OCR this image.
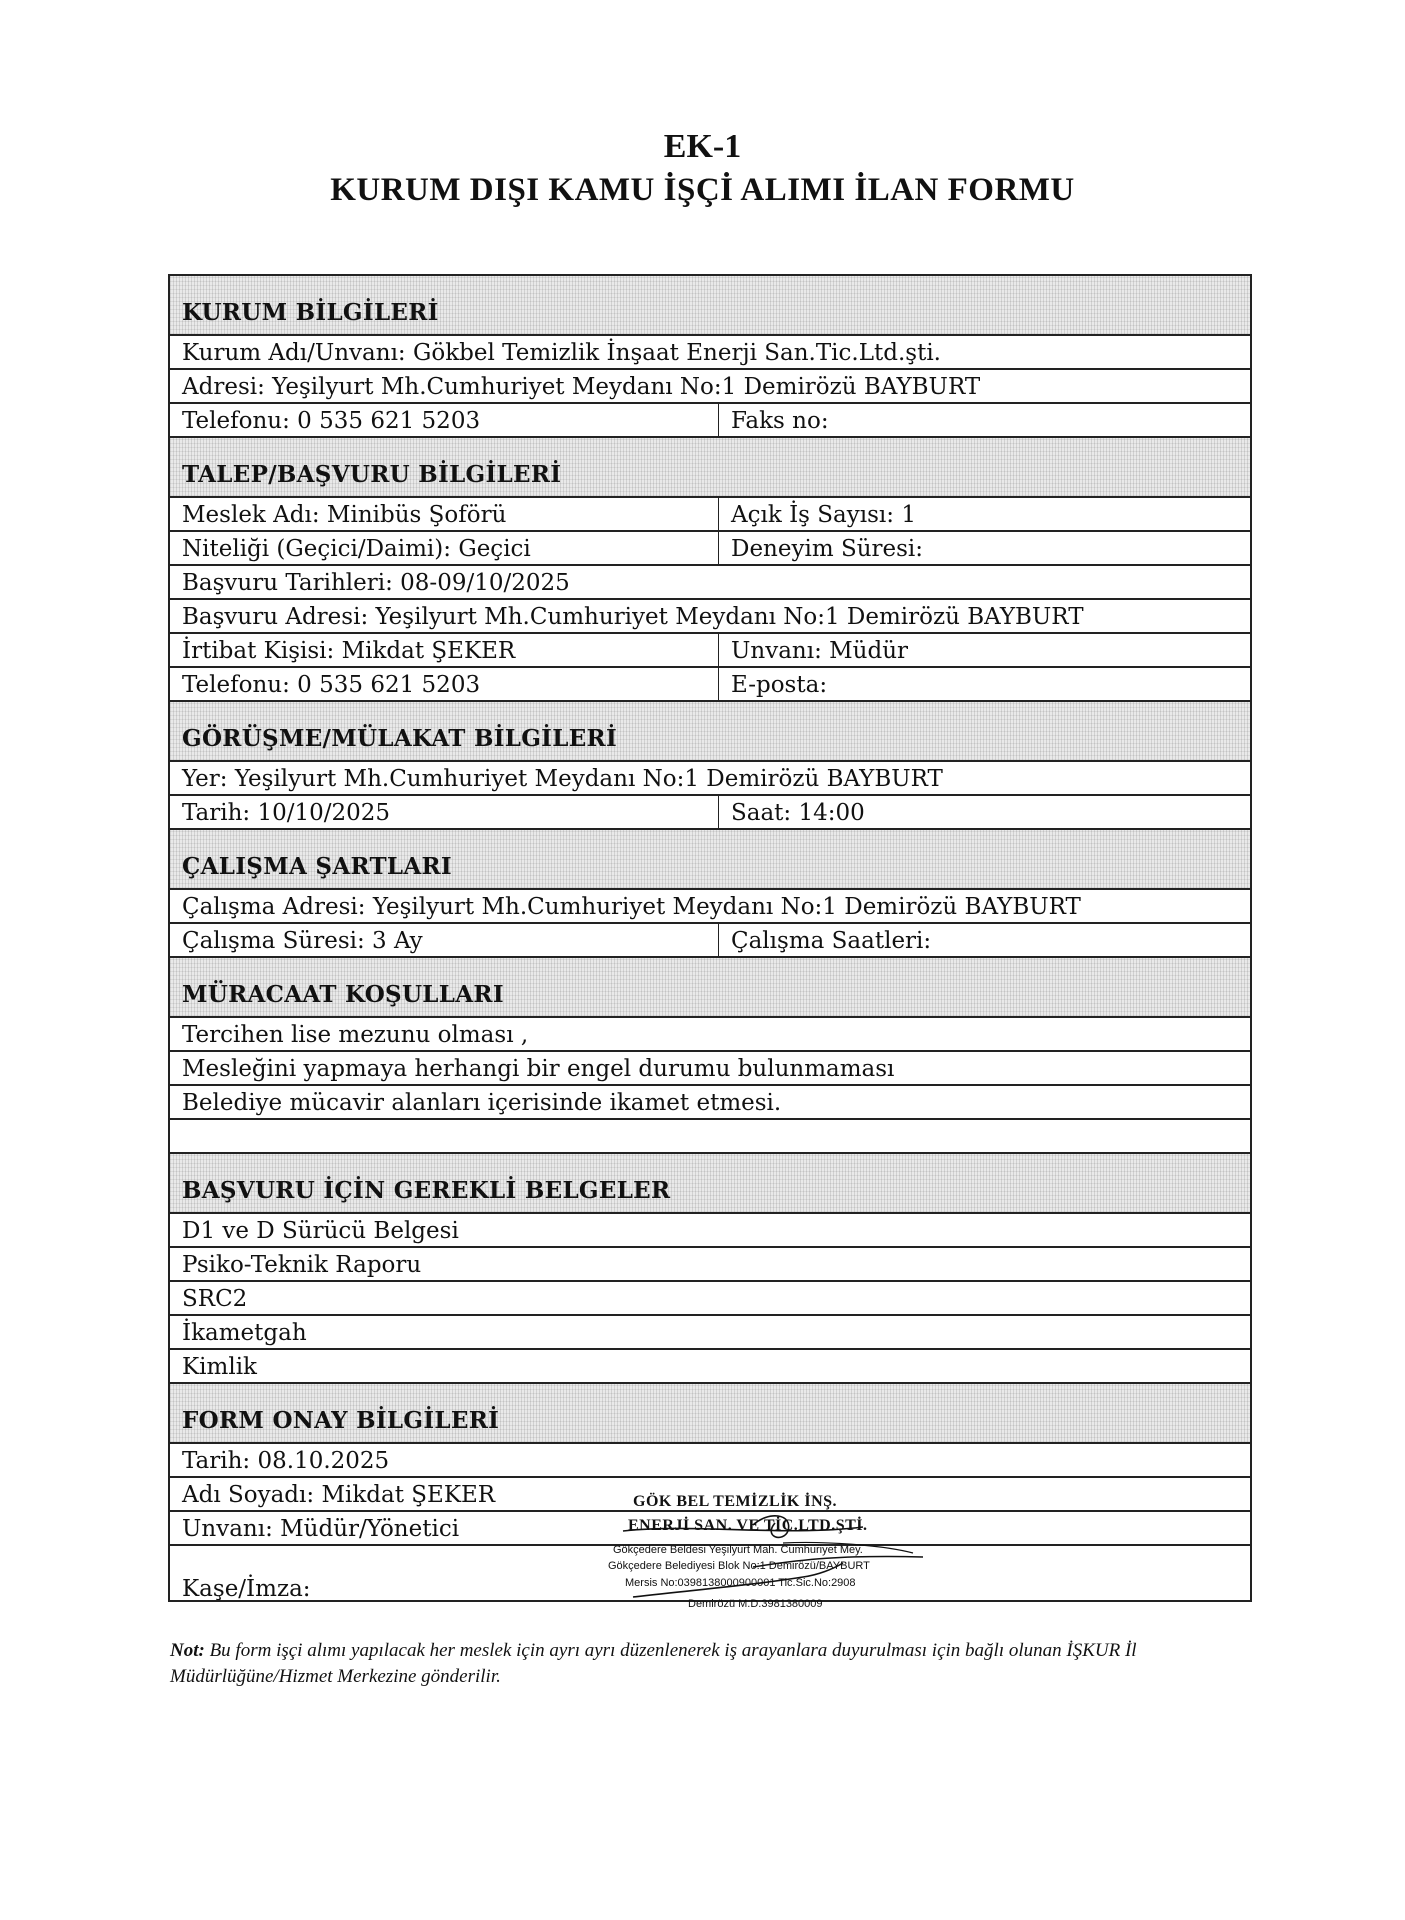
EK-1
KURUM DIŞI KAMU İŞÇİ ALIMI İLAN FORMU
KURUM BİLGİLERİ
Kurum Adı/Unvanı: Gökbel Temizlik İnşaat Enerji San.Tic.Ltd.şti.
Adresi: Yeşilyurt Mh.Cumhuriyet Meydanı No:1 Demirözü BAYBURT
Telefonu: 0 535 621 5203	Faks no:
TALEP/BAŞVURU BİLGİLERİ
Meslek Adı: Minibüs Şoförü	Açık İş Sayısı: 1
Niteliği (Geçici/Daimi): Geçici	Deneyim Süresi:
Başvuru Tarihleri: 08-09/10/2025
Başvuru Adresi: Yeşilyurt Mh.Cumhuriyet Meydanı No:1 Demirözü BAYBURT
İrtibat Kişisi: Mikdat ŞEKER	Unvanı: Müdür
Telefonu: 0 535 621 5203	E-posta:
GÖRÜŞME/MÜLAKAT BİLGİLERİ
Yer: Yeşilyurt Mh.Cumhuriyet Meydanı No:1 Demirözü BAYBURT
Tarih: 10/10/2025	Saat: 14:00
ÇALIŞMA ŞARTLARI
Çalışma Adresi: Yeşilyurt Mh.Cumhuriyet Meydanı No:1 Demirözü BAYBURT
Çalışma Süresi: 3 Ay	Çalışma Saatleri:
MÜRACAAT KOŞULLARI
Tercihen lise mezunu olması ,
Mesleğini yapmaya herhangi bir engel durumu bulunmaması
Belediye mücavir alanları içerisinde ikamet etmesi.
BAŞVURU İÇİN GEREKLİ BELGELER
D1 ve D Sürücü Belgesi
Psiko-Teknik Raporu
SRC2
İkametgah
Kimlik
FORM ONAY BİLGİLERİ
Tarih: 08.10.2025
Adı Soyadı: Mikdat ŞEKER
Unvanı: Müdür/Yönetici
Kaşe/İmza:
GÖK BEL TEMİZLİK İNŞ.
ENERJİ SAN. VE TİC.LTD.ŞTİ.
Gökçedere Beldesi Yeşilyurt Mah. Cumhuriyet Mey.
Gökçedere Belediyesi Blok No:1 Demirözü/BAYBURT
Mersis No:0398138000900001 Tic.Sic.No:2908
Demirözü M.D.3981380009
Not: Bu form işçi alımı yapılacak her meslek için ayrı ayrı düzenlenerek iş arayanlara duyurulması için bağlı olunan İŞKUR İl Müdürlüğüne/Hizmet Merkezine gönderilir.
